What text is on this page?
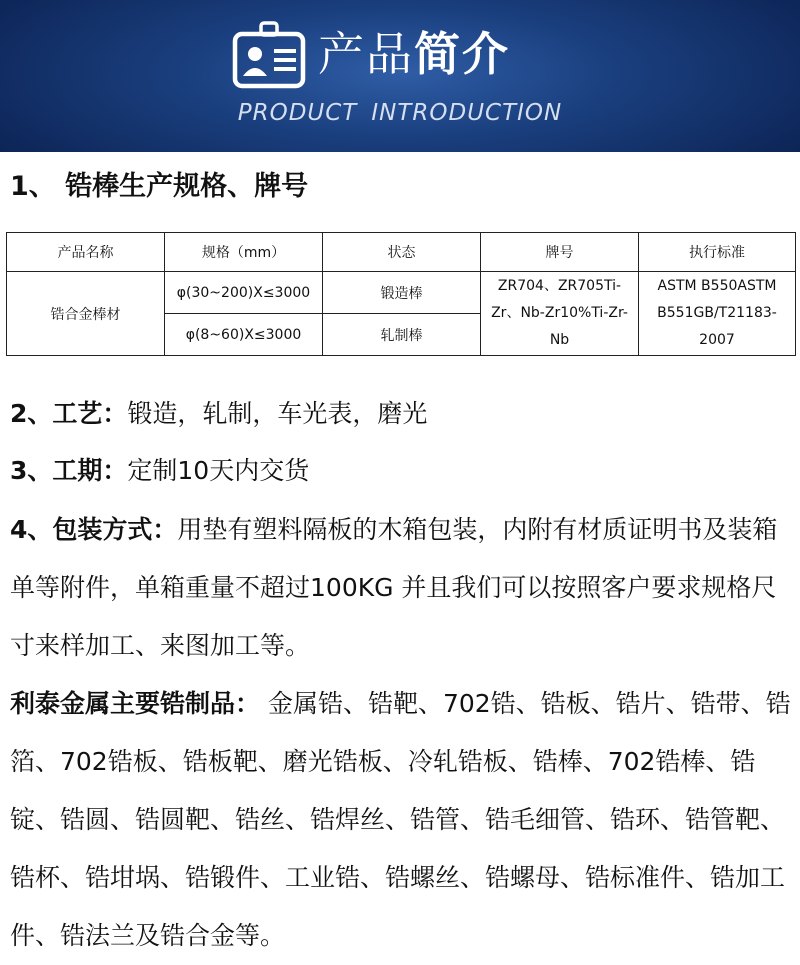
产品简介
PRODUCT INTRODUCTION
1、 锆棒生产规格、牌号
产品名称	规格（mm）	状态	牌号	执行标准
锆合金棒材	φ(30~200)X≤3000	锻造棒	ZR704、ZR705Ti-Zr、Nb-Zr10%Ti-Zr-Nb	ASTM B550ASTM B551GB/T21183-2007
	φ(8~60)X≤3000	轧制棒		
2、工艺：锻造，轧制，车光表，磨光
3、工期：定制10天内交货
4、包装方式：用垫有塑料隔板的木箱包装，内附有材质证明书及装箱单等附件，单箱重量不超过100KG 并且我们可以按照客户要求规格尺寸来样加工、来图加工等。
利泰金属主要锆制品： 金属锆、锆靶、702锆、锆板、锆片、锆带、锆箔、702锆板、锆板靶、磨光锆板、冷轧锆板、锆棒、702锆棒、锆锭、锆圆、锆圆靶、锆丝、锆焊丝、锆管、锆毛细管、锆环、锆管靶、锆杯、锆坩埚、锆锻件、工业锆、锆螺丝、锆螺母、锆标准件、锆加工件、锆法兰及锆合金等。
